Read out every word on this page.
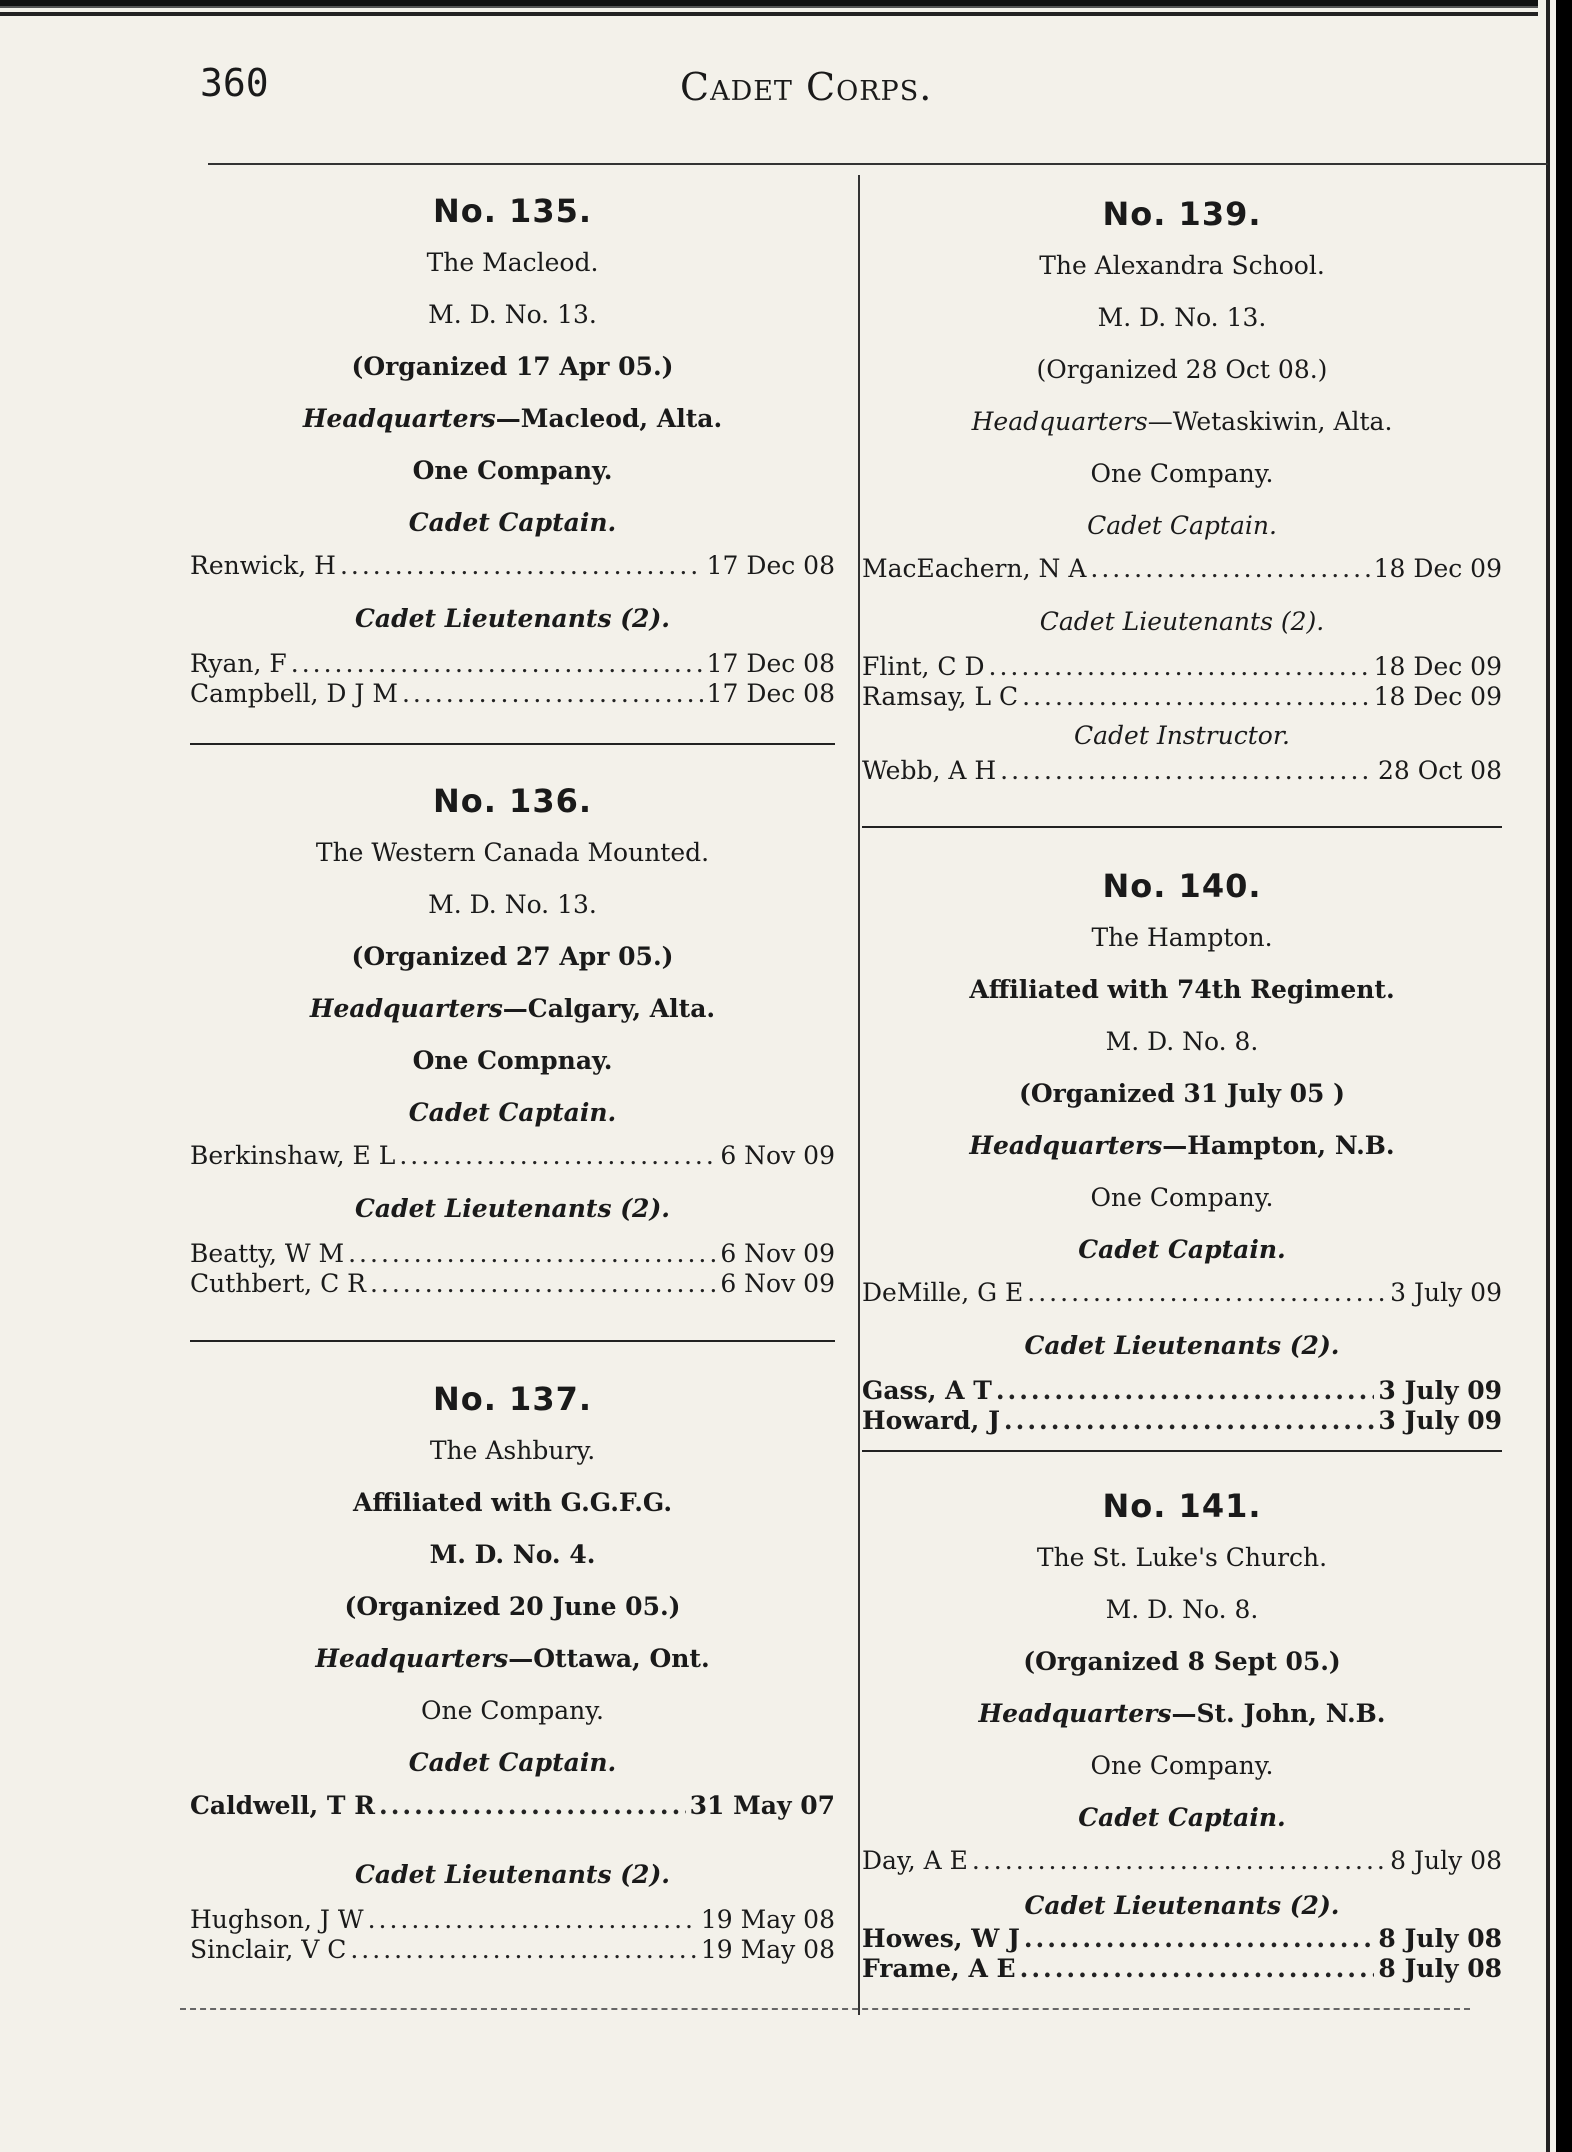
360	Cadet Corps.
No. 135.
The Macleod.
M. D. No. 13.
(Organized 17 Apr 05.)
Headquarters—Macleod, Alta.
One Company.
Cadet Captain.
Renwick, H .....	17 Dec 08
Cadet Lieutenants (2).
Ryan, F .....	17 Dec 08
Campbell, D J M .....	17 Dec 08
No. 136.
The Western Canada Mounted.
M. D. No. 13.
(Organized 27 Apr 05.)
Headquarters—Calgary, Alta.
One Compnay.
Cadet Captain.
Berkinshaw, E L .....	6 Nov 09
Cadet Lieutenants (2).
Beatty, W M .....	6 Nov 09
Cuthbert, C R .....	6 Nov 09
No. 137.
The Ashbury.
Affiliated with G.G.F.G.
M. D. No. 4.
(Organized 20 June 05.)
Headquarters—Ottawa, Ont.
One Company.
Cadet Captain.
Caldwell, T R .....	31 May 07
Cadet Lieutenants (2).
Hughson, J W .....	19 May 08
Sinclair, V C .....	19 May 08
No. 139.
The Alexandra School.
M. D. No. 13.
(Organized 28 Oct 08.)
Headquarters—Wetaskiwin, Alta.
One Company.
Cadet Captain.
MacEachern, N A .....	18 Dec 09
Cadet Lieutenants (2).
Flint, C D .....	18 Dec 09
Ramsay, L C .....	18 Dec 09
Cadet Instructor.
Webb, A H .....	28 Oct 08
No. 140.
The Hampton.
Affiliated with 74th Regiment.
M. D. No. 8.
(Organized 31 July 05 )
Headquarters—Hampton, N.B.
One Company.
Cadet Captain.
DeMille, G E .....	3 July 09
Cadet Lieutenants (2).
Gass, A T .....	3 July 09
Howard, J .....	3 July 09
No. 141.
The St. Luke's Church.
M. D. No. 8.
(Organized 8 Sept 05.)
Headquarters—St. John, N.B.
One Company.
Cadet Captain.
Day, A E .....	8 July 08
Cadet Lieutenants (2).
Howes, W J .....	8 July 08
Frame, A E .....	8 July 08
